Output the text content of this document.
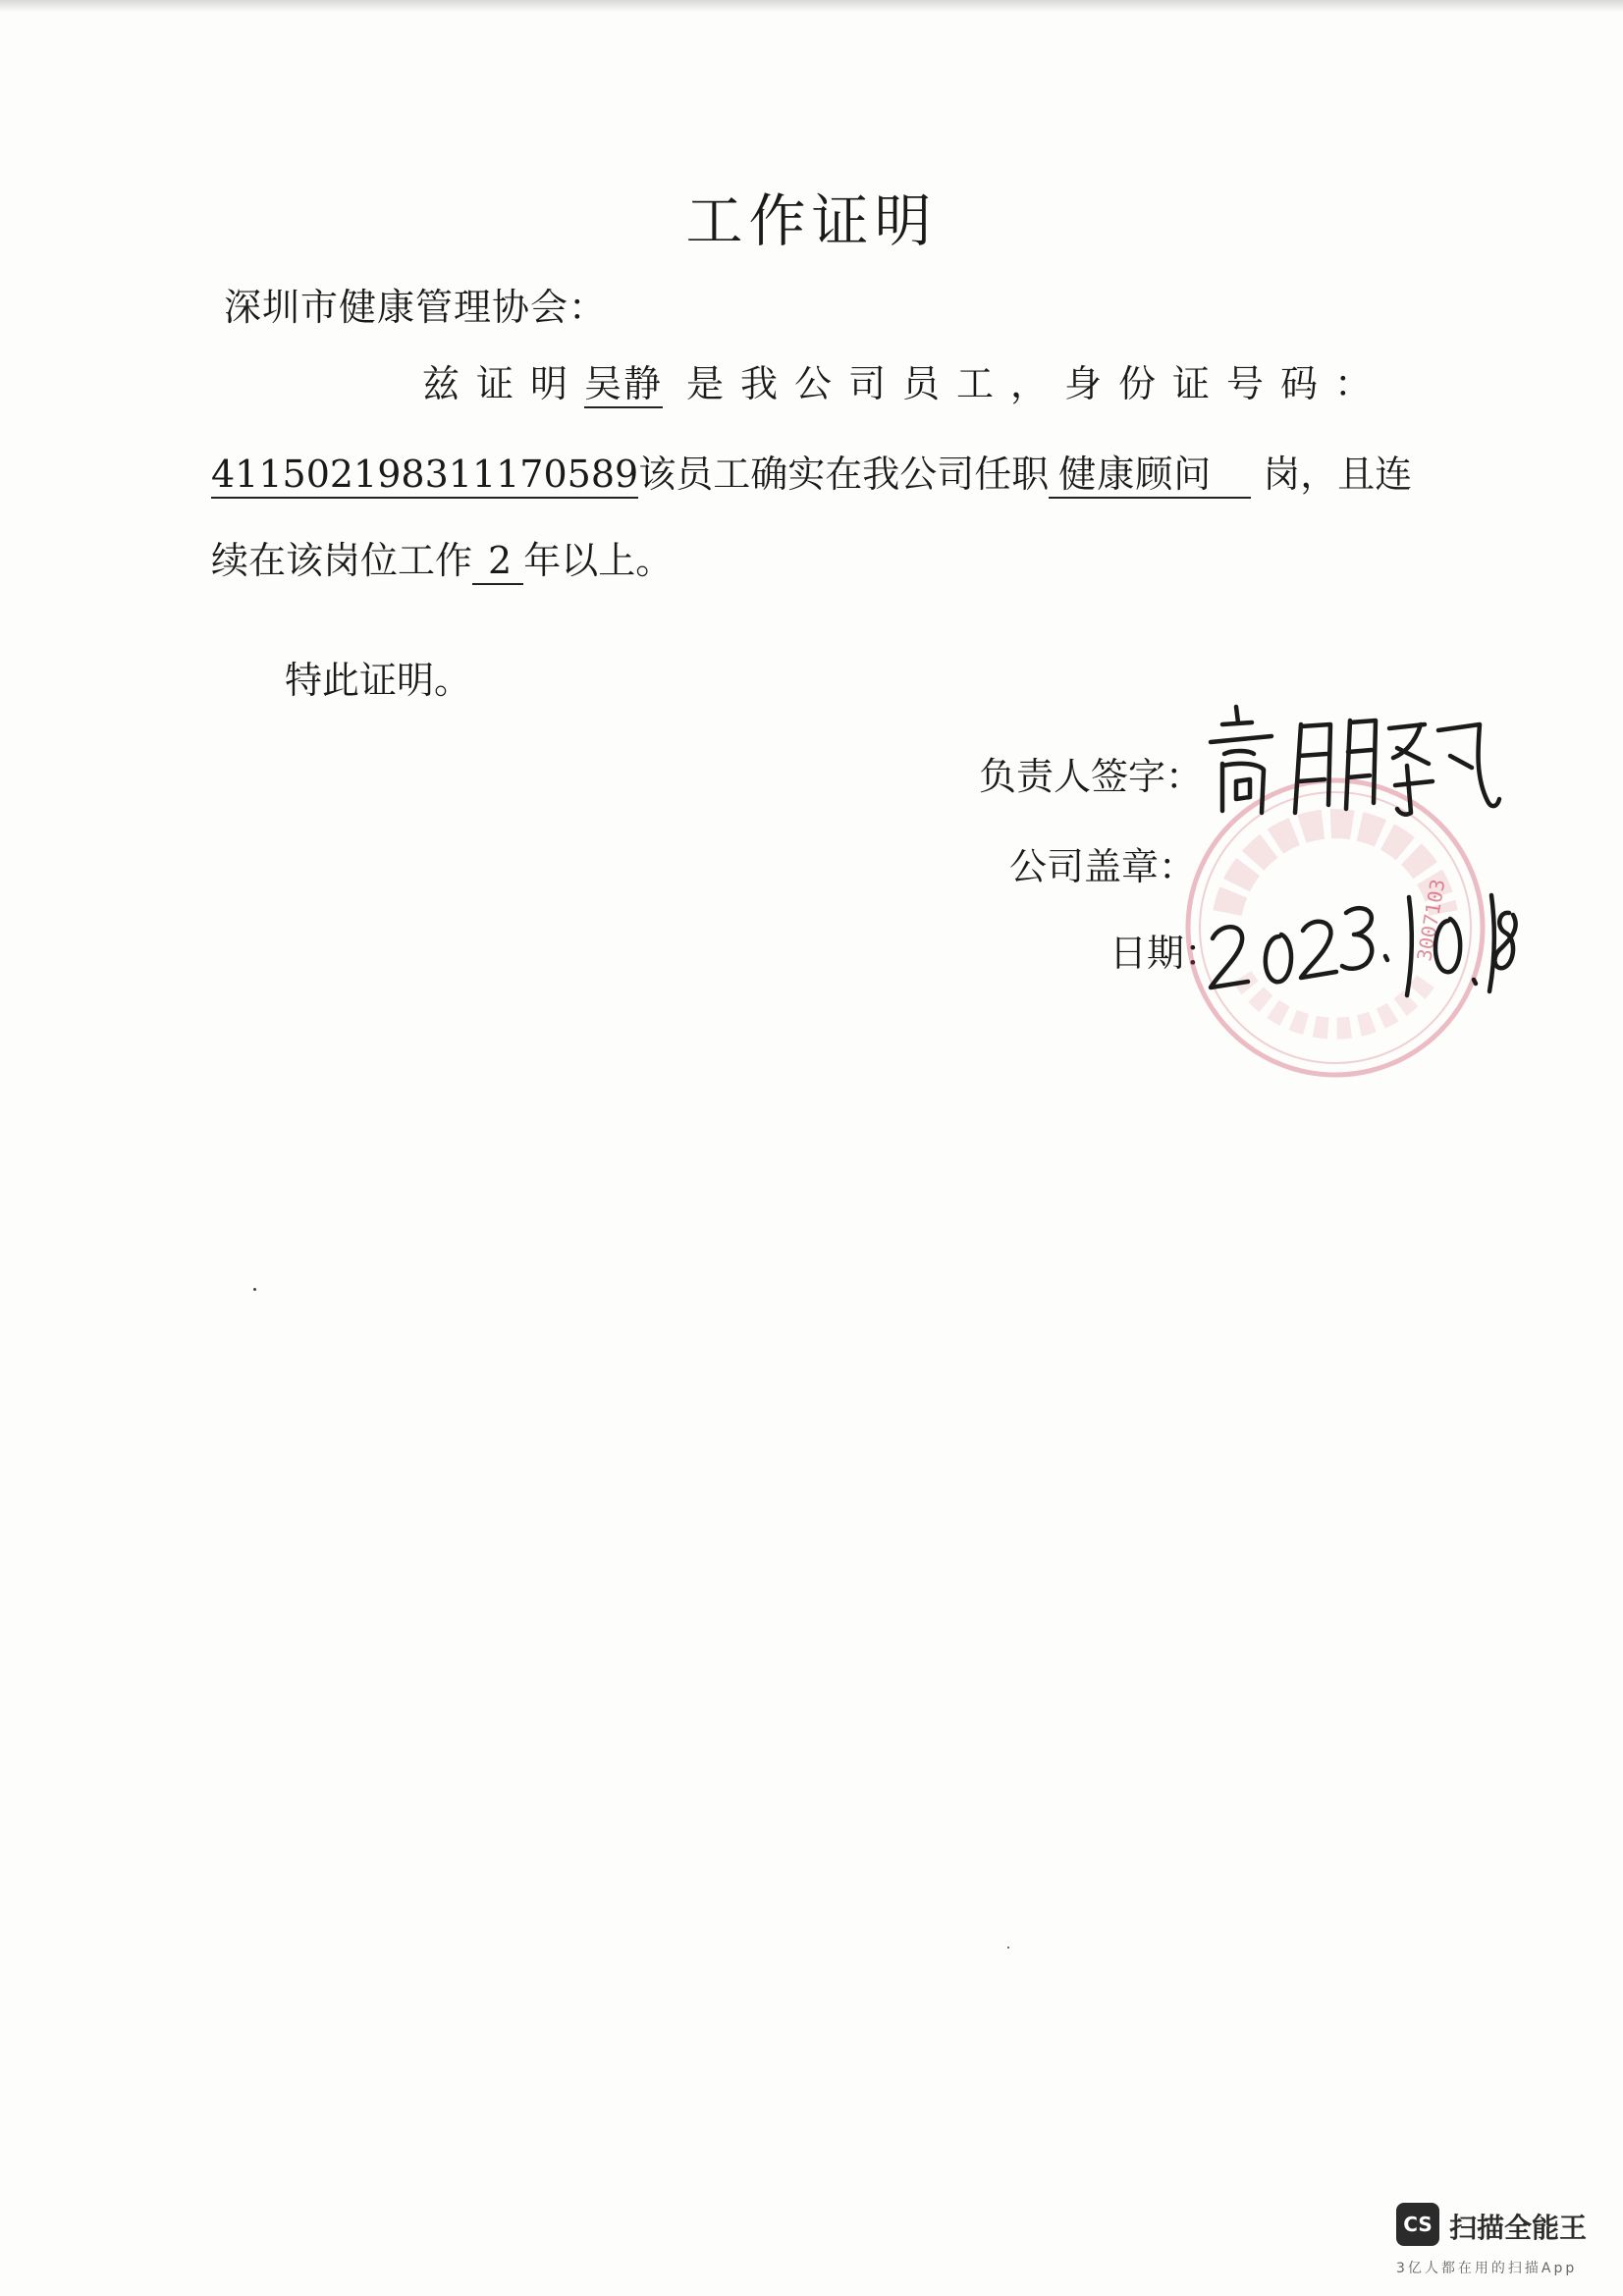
工作证明
深圳市健康管理协会：
兹证明吴静 是我公司员工，身份证号码：
411502198311170589该员工确实在我公司任职 健康顾问 岗，且连
续在该岗位工作 2 年以上。
特此证明。
负责人签字：
公司盖章：
日期：	3007103
CS 扫描全能王
3亿人都在用的扫描App
